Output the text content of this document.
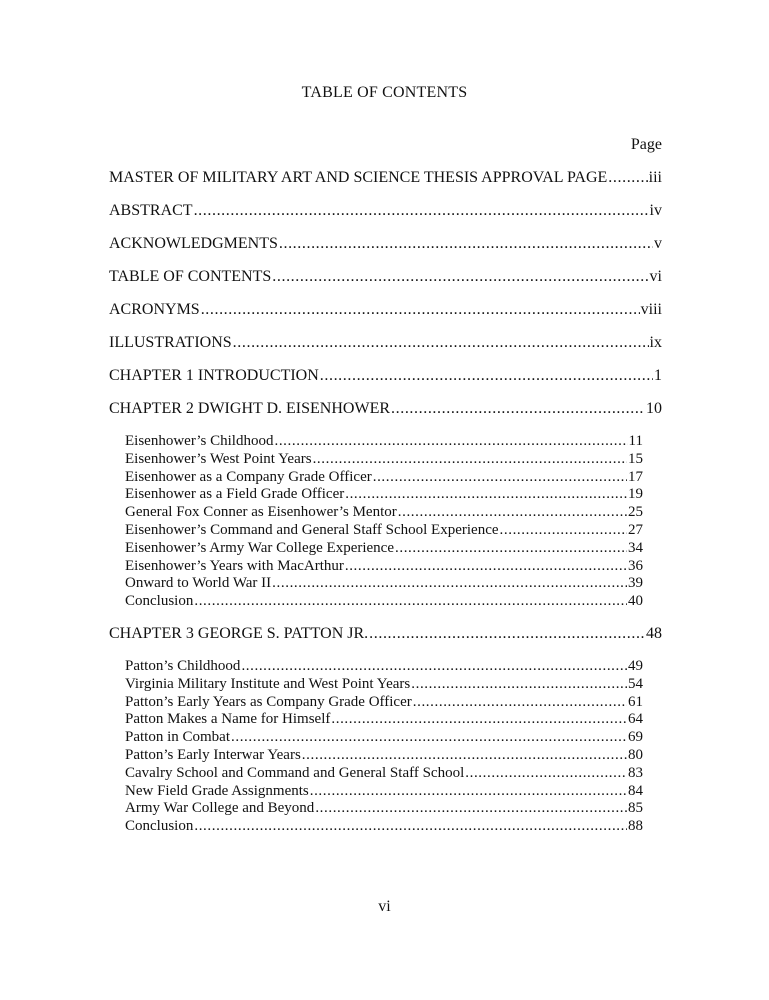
TABLE OF CONTENTS
Page
MASTER OF MILITARY ART AND SCIENCE THESIS APPROVAL PAGE .....	iii
ABSTRACT .....	iv
ACKNOWLEDGMENTS .....	v
TABLE OF CONTENTS .....	vi
ACRONYMS .....	viii
ILLUSTRATIONS .....	ix
CHAPTER 1 INTRODUCTION .....	1
CHAPTER 2 DWIGHT D. EISENHOWER .....	10
Eisenhower’s Childhood .....	11
Eisenhower’s West Point Years .....	15
Eisenhower as a Company Grade Officer .....	17
Eisenhower as a Field Grade Officer .....	19
General Fox Conner as Eisenhower’s Mentor .....	25
Eisenhower’s Command and General Staff School Experience .....	27
Eisenhower’s Army War College Experience .....	34
Eisenhower’s Years with MacArthur .....	36
Onward to World War II .....	39
Conclusion .....	40
CHAPTER 3 GEORGE S. PATTON JR. .....	48
Patton’s Childhood .....	49
Virginia Military Institute and West Point Years .....	54
Patton’s Early Years as Company Grade Officer .....	61
Patton Makes a Name for Himself .....	64
Patton in Combat .....	69
Patton’s Early Interwar Years .....	80
Cavalry School and Command and General Staff School .....	83
New Field Grade Assignments .....	84
Army War College and Beyond .....	85
Conclusion .....	88
vi
